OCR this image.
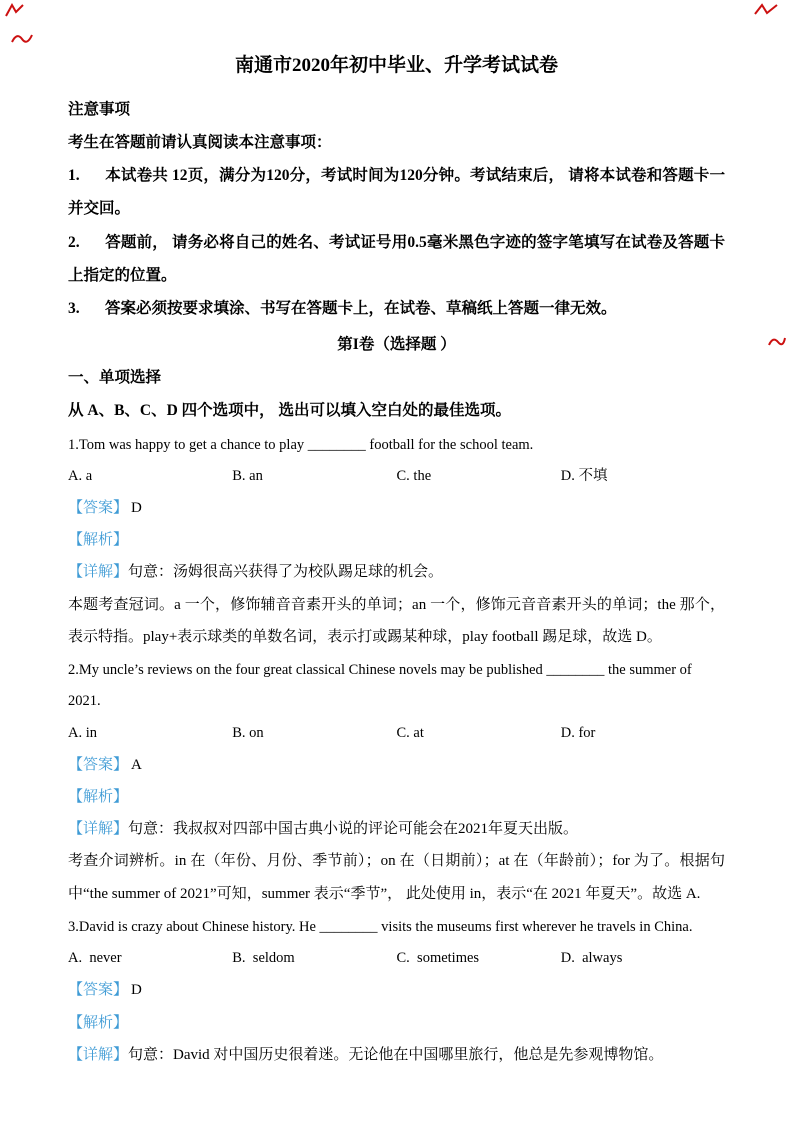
南通市2020年初中毕业、升学考试试卷

注意事项

考生在答题前请认真阅读本注意事项：

1. 本试卷共 12页，满分为120分，考试时间为120分钟。考试结束后， 请将本试卷和答题卡一并交回。

2. 答题前， 请务必将自己的姓名、考试证号用0.5毫米黑色字迹的签字笔填写在试卷及答题卡上指定的位置。

3. 答案必须按要求填涂、书写在答题卡上，在试卷、草稿纸上答题一律无效。

第I卷（选择题 ）

一、单项选择

从 A、B、C、D 四个选项中， 选出可以填入空白处的最佳选项。

1.Tom was happy to get a chance to play ________ football for the school team.

A. a	B. an	C. the	D. 不填

【答案】 D

【解析】

【详解】句意：汤姆很高兴获得了为校队踢足球的机会。

本题考查冠词。a 一个，修饰辅音音素开头的单词；an 一个，修饰元音音素开头的单词；the 那个，表示特指。play+表示球类的单数名词，表示打或踢某种球，play football 踢足球，故选 D。

2.My uncle’s reviews on the four great classical Chinese novels may be published ________ the summer of 2021.

A. in	B. on	C. at	D. for

【答案】 A

【解析】

【详解】句意：我叔叔对四部中国古典小说的评论可能会在2021年夏天出版。

考查介词辨析。in 在（年份、月份、季节前）；on 在（日期前）；at 在（年龄前）；for 为了。根据句中“the summer of 2021”可知，summer 表示“季节”， 此处使用 in，表示“在 2021 年夏天”。故选 A.

3.David is crazy about Chinese history. He ________ visits the museums first wherever he travels in China.

A.  never	B.  seldom	C.  sometimes	D.  always

【答案】 D

【解析】

【详解】句意：David 对中国历史很着迷。无论他在中国哪里旅行，他总是先参观博物馆。
